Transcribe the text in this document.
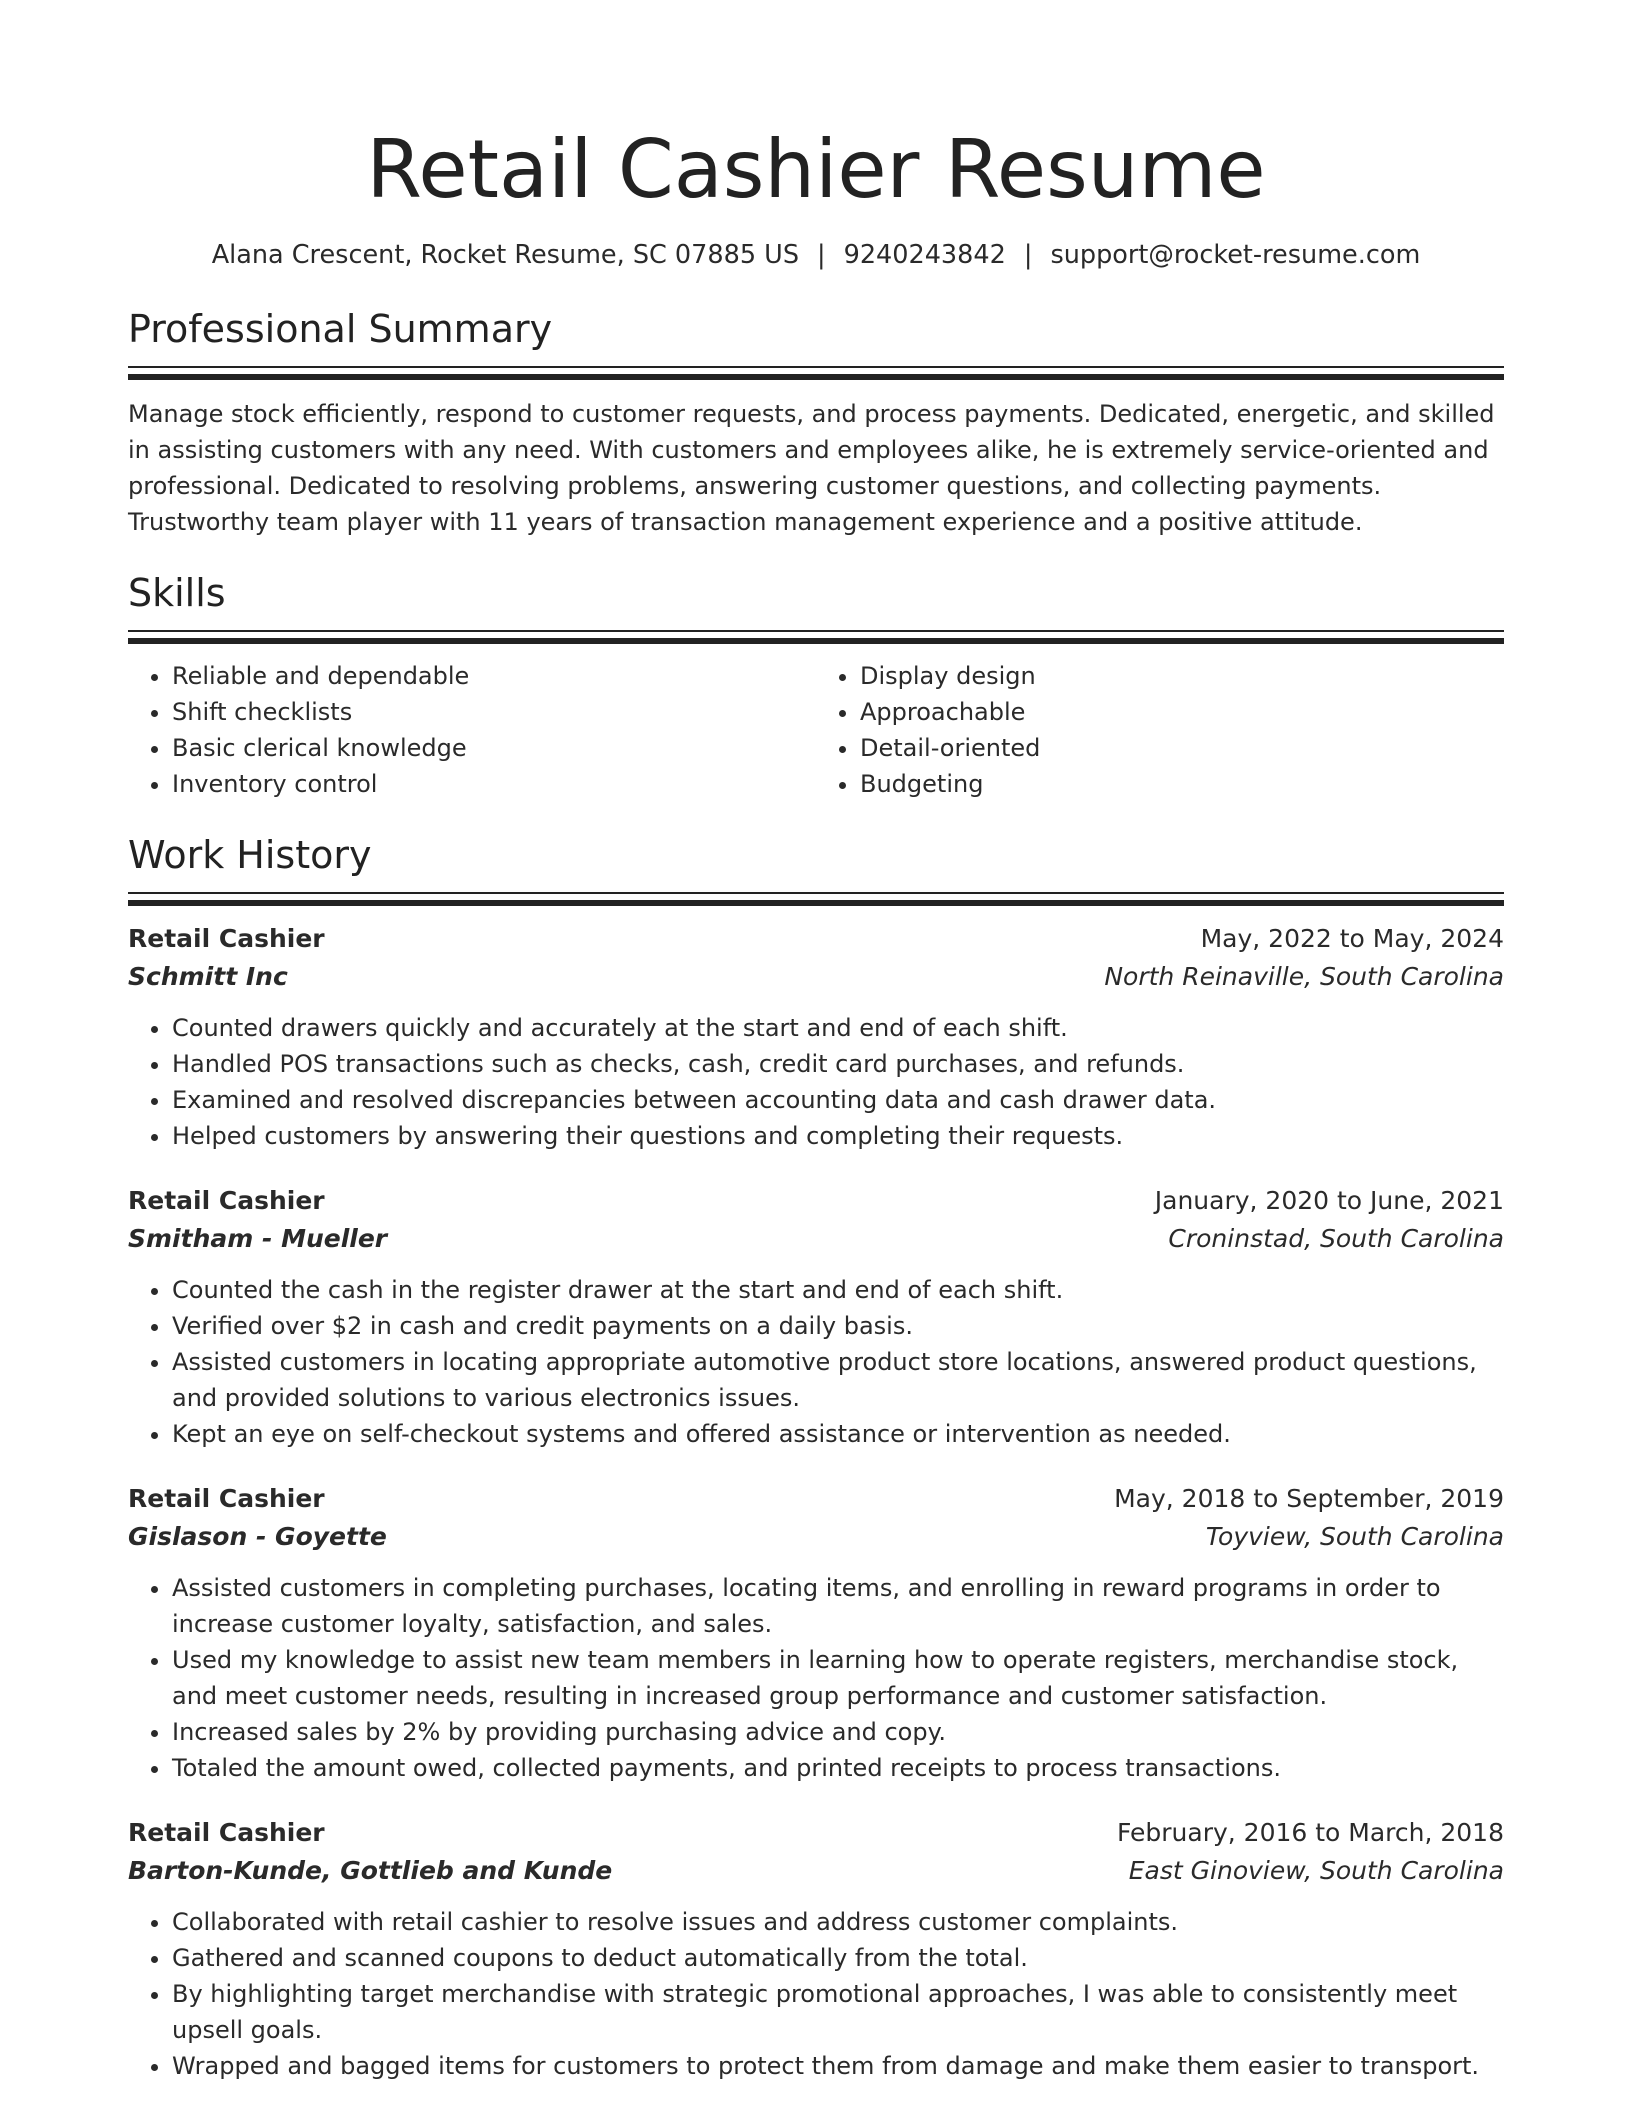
Retail Cashier Resume
Alana Crescent, Rocket Resume, SC 07885 US | 9240243842 | support@rocket-resume.com
Professional Summary
Manage stock efficiently, respond to customer requests, and process payments. Dedicated, energetic, and skilled in assisting customers with any need. With customers and employees alike, he is extremely service-oriented and professional. Dedicated to resolving problems, answering customer questions, and collecting payments. Trustworthy team player with 11 years of transaction management experience and a positive attitude.
Skills
• Reliable and dependable
• Shift checklists
• Basic clerical knowledge
• Inventory control
• Display design
• Approachable
• Detail-oriented
• Budgeting
Work History
Retail Cashier	May, 2022 to May, 2024
Schmitt Inc	North Reinaville, South Carolina
• Counted drawers quickly and accurately at the start and end of each shift.
• Handled POS transactions such as checks, cash, credit card purchases, and refunds.
• Examined and resolved discrepancies between accounting data and cash drawer data.
• Helped customers by answering their questions and completing their requests.
Retail Cashier	January, 2020 to June, 2021
Smitham - Mueller	Croninstad, South Carolina
• Counted the cash in the register drawer at the start and end of each shift.
• Verified over $2 in cash and credit payments on a daily basis.
• Assisted customers in locating appropriate automotive product store locations, answered product questions, and provided solutions to various electronics issues.
• Kept an eye on self-checkout systems and offered assistance or intervention as needed.
Retail Cashier	May, 2018 to September, 2019
Gislason - Goyette	Toyview, South Carolina
• Assisted customers in completing purchases, locating items, and enrolling in reward programs in order to increase customer loyalty, satisfaction, and sales.
• Used my knowledge to assist new team members in learning how to operate registers, merchandise stock, and meet customer needs, resulting in increased group performance and customer satisfaction.
• Increased sales by 2% by providing purchasing advice and copy.
• Totaled the amount owed, collected payments, and printed receipts to process transactions.
Retail Cashier	February, 2016 to March, 2018
Barton-Kunde, Gottlieb and Kunde	East Ginoview, South Carolina
• Collaborated with retail cashier to resolve issues and address customer complaints.
• Gathered and scanned coupons to deduct automatically from the total.
• By highlighting target merchandise with strategic promotional approaches, I was able to consistently meet upsell goals.
• Wrapped and bagged items for customers to protect them from damage and make them easier to transport.
